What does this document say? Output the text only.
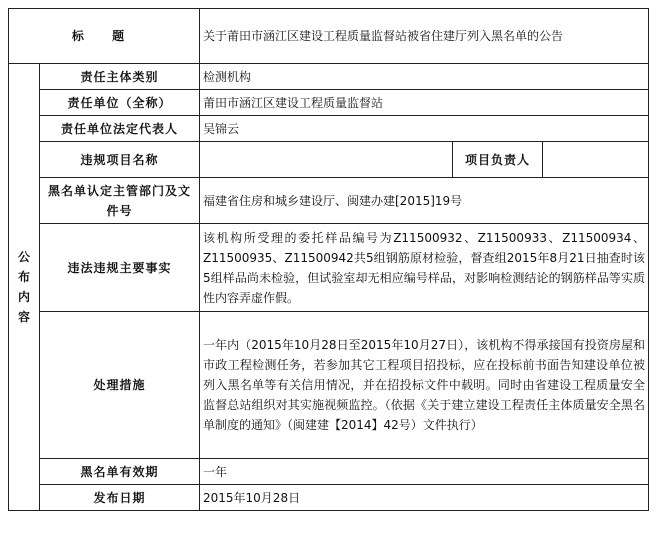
标 题		关于莆田市涵江区建设工程质量监督站被省住建厅列入黑名单的公告		

公
布
内
容	责任主体类别	检测机构		
	责任单位（全称）	莆田市涵江区建设工程质量监督站		
	责任单位法定代表人	吴锦云		
	违规项目名称		项目负责人	
	黑名单认定主管部门及文件号	福建省住房和城乡建设厅、闽建办建[2015]19号		
	违法违规主要事实	该机构所受理的委托样品编号为Z11500932、Z11500933、Z11500934、Z11500935、Z11500942共5组钢筋原材检验，督查组2015年8月21日抽查时该5组样品尚未检验，但试验室却无相应编号样品，对影响检测结论的钢筋样品等实质性内容弄虚作假。		
	处理措施	一年内（2015年10月28日至2015年10月27日），该机构不得承接国有投资房屋和市政工程检测任务，若参加其它工程项目招投标，应在投标前书面告知建设单位被列入黑名单等有关信用情况，并在招投标文件中载明。同时由省建设工程质量安全监督总站组织对其实施视频监控。（依据《关于建立建设工程责任主体质量安全黑名单制度的通知》（闽建建【2014】42号）文件执行）		
	黑名单有效期	一年		
	发布日期	2015年10月28日		
